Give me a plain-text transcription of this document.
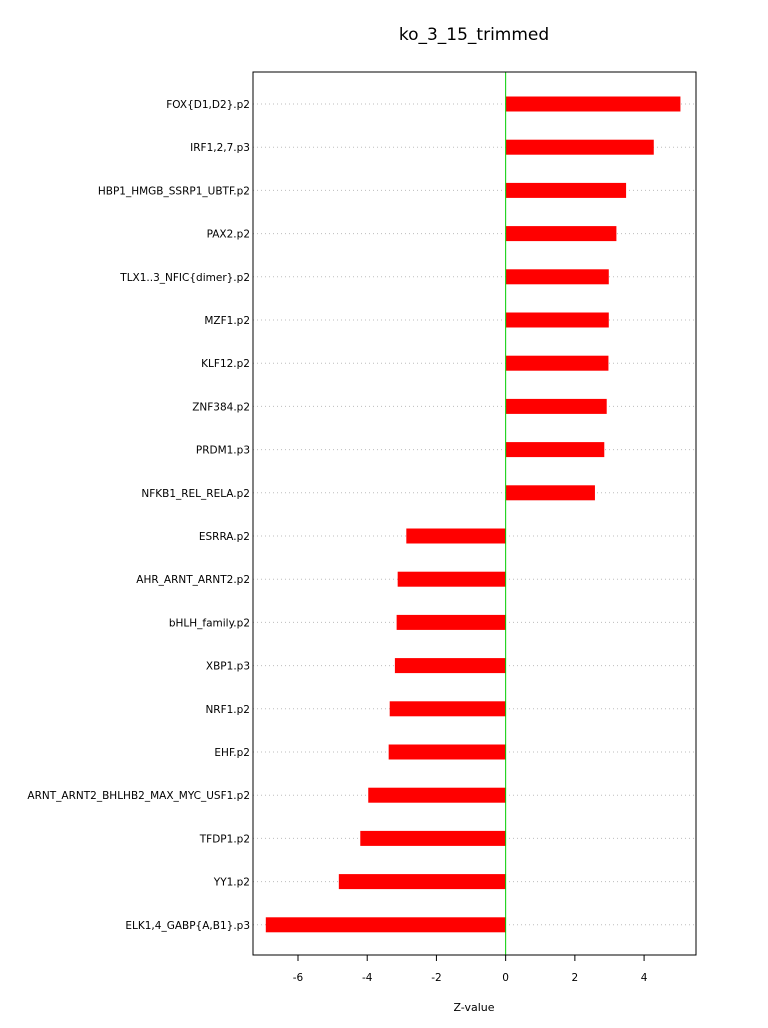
ko_3_15_trimmed
FOX{D1,D2}.p2
IRF1,2,7.p3
HBP1_HMGB_SSRP1_UBTF.p2
PAX2.p2
TLX1..3_NFIC{dimer}.p2
MZF1.p2
KLF12.p2
ZNF384.p2
PRDM1.p3
NFKB1_REL_RELA.p2
ESRRA.p2
AHR_ARNT_ARNT2.p2
bHLH_family.p2
XBP1.p3
NRF1.p2
EHF.p2
ARNT_ARNT2_BHLHB2_MAX_MYC_USF1.p2
TFDP1.p2
YY1.p2
ELK1,4_GABP{A,B1}.p3
-6	-4	-2	0	2	4
Z-value
